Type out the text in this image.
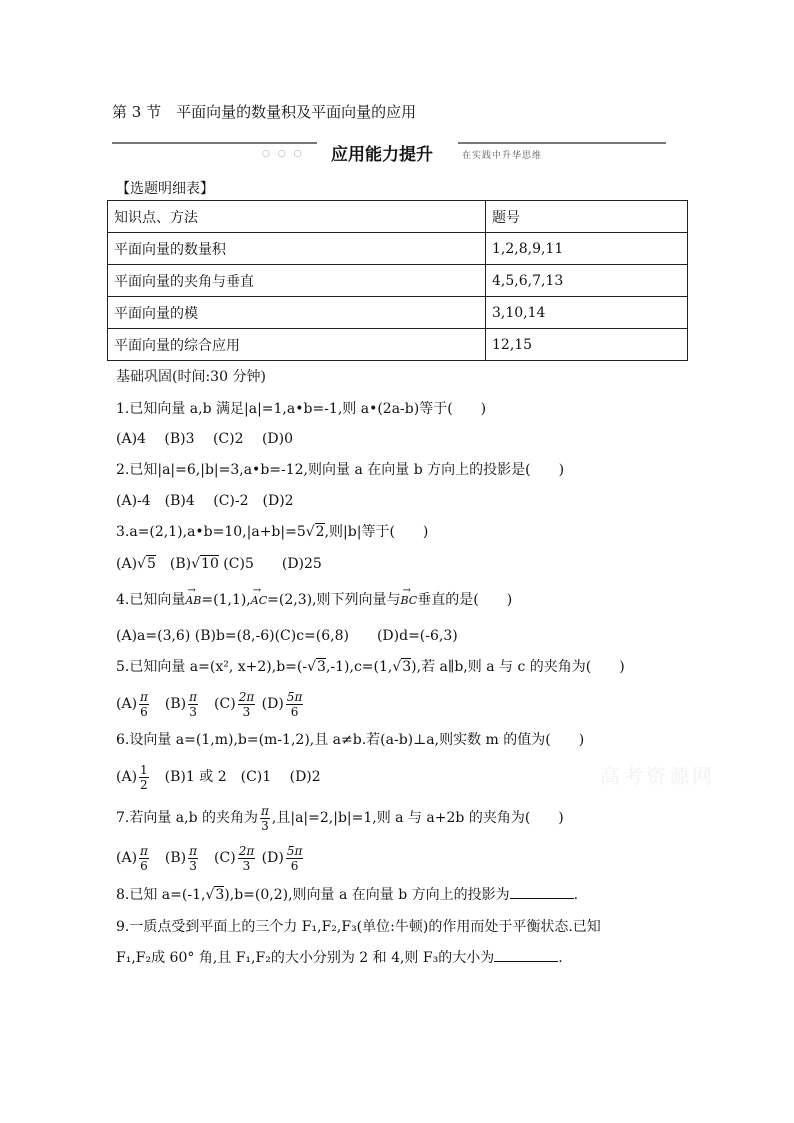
第 3 节　平面向量的数量积及平面向量的应用
○○○ 应用能力提升	在实践中升华思维
【选题明细表】
知识点、方法	题号
平面向量的数量积	1,2,8,9,11
平面向量的夹角与垂直	4,5,6,7,13
平面向量的模	3,10,14
平面向量的综合应用	12,15
基础巩固(时间:30 分钟)
1.已知向量 a,b 满足|a|=1,a•b=-1,则 a•(2a-b)等于(　　)
(A)4　 (B)3　 (C)2　 (D)0
2.已知|a|=6,|b|=3,a•b=-12,则向量 a 在向量 b 方向上的投影是(　　)
(A)-4　(B)4　 (C)-2　(D)2
3.a=(2,1),a•b=10,|a+b|=5√2,则|b|等于(　　)
(A)√5　(B)√10 (C)5　　(D)25
4.已知向量→ AB=(1,1),→ AC=(2,3),则下列向量与→ BC垂直的是(　　)
(A)a=(3,6) (B)b=(8,-6)(C)c=(6,8)　　(D)d=(-6,3)
5.已知向量 a=(x², x+2),b=(-√3,-1),c=(1,√3),若 a∥b,则 a 与 c 的夹角为(　　)
$(A) \frac{\pi}{6}$ 　$(B) \frac{\pi}{3}$ 　$(C) \frac{2\pi}{3} (D) \frac{5\pi}{6}$
6.设向量 a=(1,m),b=(m-1,2),且 a≠b.若(a-b)⊥a,则实数 m 的值为(　　)
$(A) \frac{1}{2}$ 　(B)1 或 2　(C)1　 (D)2
7.若向量 a,b 的夹角为 $\frac{\pi}{3}$ ,且|a|=2,|b|=1,则 a 与 a+2b 的夹角为(　　)
$(A) \frac{\pi}{6}$ 　$(B) \frac{\pi}{3}$ 　$(C) \frac{2\pi}{3} (D) \frac{5\pi}{6}$
8.已知 a=(-1,√3),b=(0,2),则向量 a 在向量 b 方向上的投影为	.
9.一质点受到平面上的三个力 F₁,F₂,F₃(单位:牛顿)的作用而处于平衡状态.已知
F₁,F₂成 60° 角,且 F₁,F₂的大小分别为 2 和 4,则 F₃的大小为	.
高考资源网
